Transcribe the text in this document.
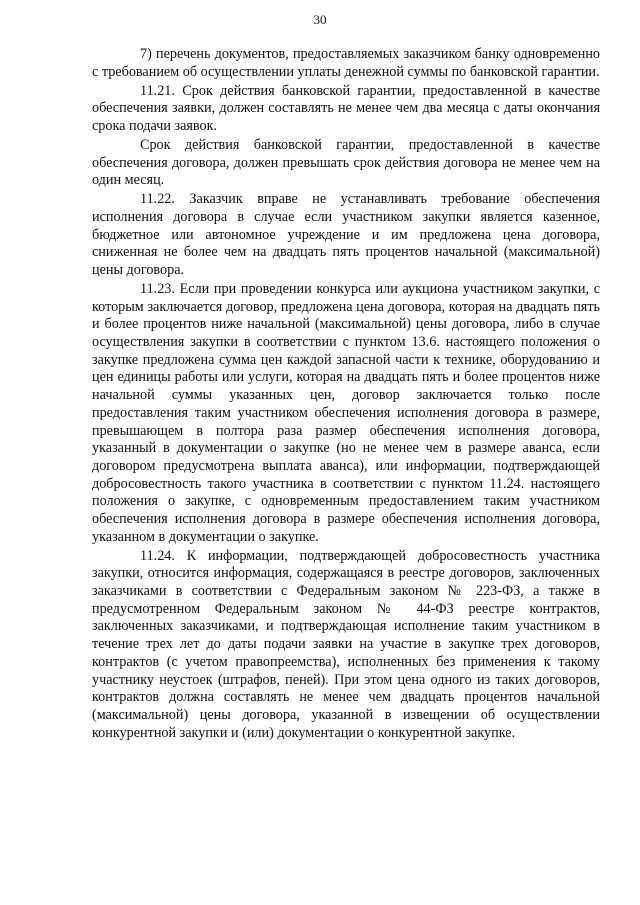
30

7) перечень документов, предоставляемых заказчиком банку одновременно с требованием об осуществлении уплаты денежной суммы по банковской гарантии.

11.21. Срок действия банковской гарантии, предоставленной в качестве обеспечения заявки, должен составлять не менее чем два месяца с даты окончания срока подачи заявок.

Срок действия банковской гарантии, предоставленной в качестве обеспечения договора, должен превышать срок действия договора не менее чем на один месяц.

11.22. Заказчик вправе не устанавливать требование обеспечения исполнения договора в случае если участником закупки является казенное, бюджетное или автономное учреждение и им предложена цена договора, сниженная не более чем на двадцать пять процентов начальной (максимальной) цены договора.

11.23. Если при проведении конкурса или аукциона участником закупки, с которым заключается договор, предложена цена договора, которая на двадцать пять и более процентов ниже начальной (максимальной) цены договора, либо в случае осуществления закупки в соответствии с пунктом 13.6. настоящего положения о закупке предложена сумма цен каждой запасной части к технике, оборудованию и цен единицы работы или услуги, которая на двадцать пять и более процентов ниже начальной суммы указанных цен, договор заключается только после предоставления таким участником обеспечения исполнения договора в размере, превышающем в полтора раза размер обеспечения исполнения договора, указанный в документации о закупке (но не менее чем в размере аванса, если договором предусмотрена выплата аванса), или информации, подтверждающей добросовестность такого участника в соответствии с пунктом 11.24. настоящего положения о закупке, с одновременным предоставлением таким участником обеспечения исполнения договора в размере обеспечения исполнения договора, указанном в документации о закупке.

11.24. К информации, подтверждающей добросовестность участника закупки, относится информация, содержащаяся в реестре договоров, заключенных заказчиками в соответствии с Федеральным законом № 223-ФЗ, а также в предусмотренном Федеральным законом № 44-ФЗ реестре контрактов, заключенных заказчиками, и подтверждающая исполнение таким участником в течение трех лет до даты подачи заявки на участие в закупке трех договоров, контрактов (с учетом правопреемства), исполненных без применения к такому участнику неустоек (штрафов, пеней). При этом цена одного из таких договоров, контрактов должна составлять не менее чем двадцать процентов начальной (максимальной) цены договора, указанной в извещении об осуществлении конкурентной закупки и (или) документации о конкурентной закупке.
